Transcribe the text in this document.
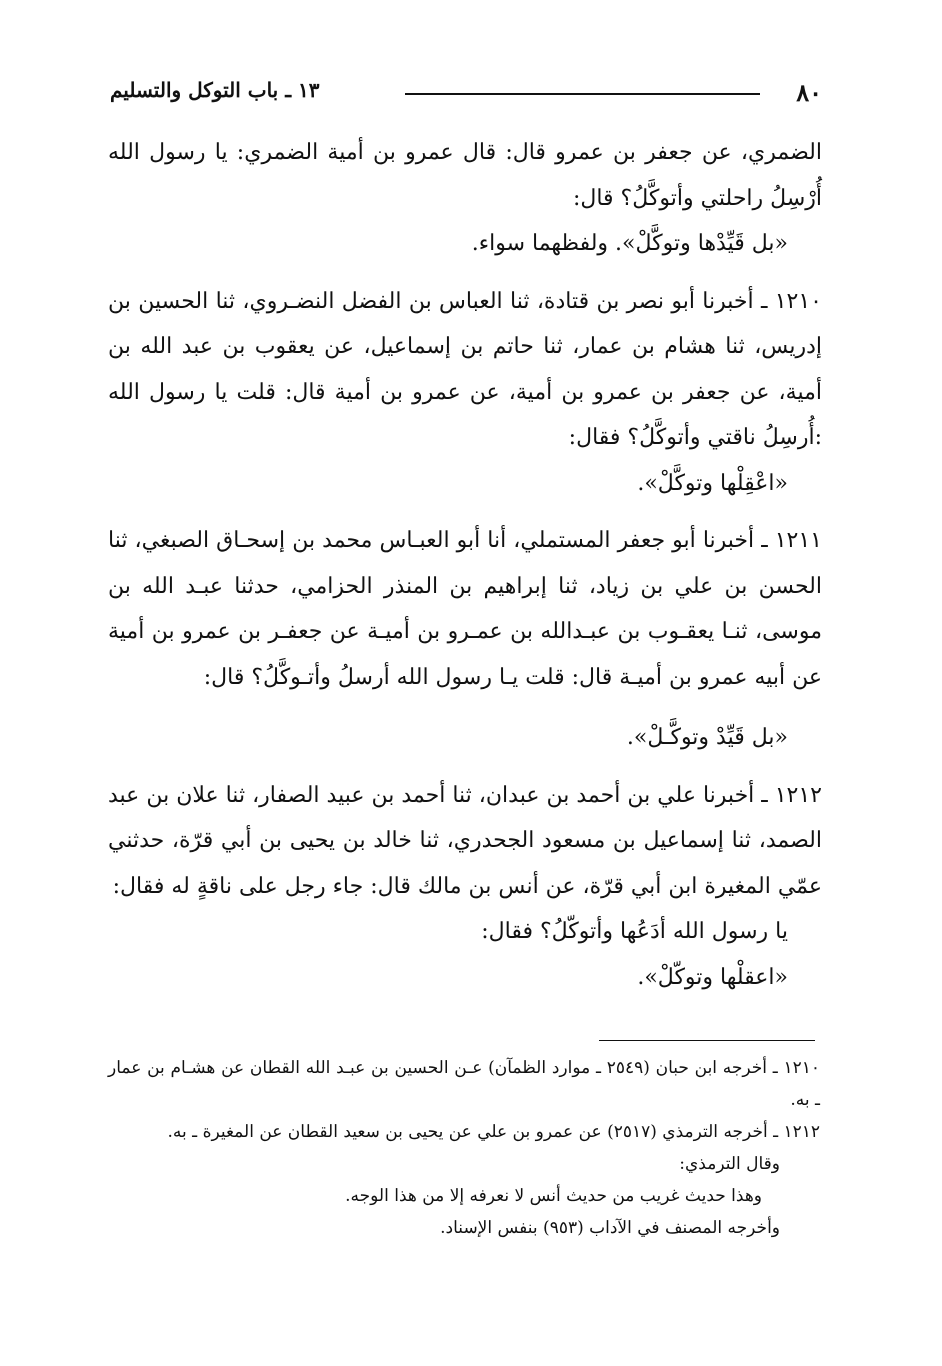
٨٠
١٣ ـ باب التوكل والتسليم

الضمري، عن جعفر بن عمرو قال: قال عمرو بن أمية الضمري: يا رسول الله أُرْسِلُ راحلتي وأتوكَّلُ؟ قال:

«بل قَيِّدْها وتوكَّلْ». ولفظهما سواء.

١٢١٠ ـ أخبرنا أبو نصر بن قتادة، ثنا العباس بن الفضل النضـروي، ثنا الحسين بن إدريس، ثنا هشام بن عمار، ثنا حاتم بن إسماعيل، عن يعقوب بن عبد الله بن أمية، عن جعفر بن عمرو بن أمية، عن عمرو بن أمية قال: قلت يا رسول الله :أُرسِلُ ناقتي وأتوكَّلُ؟ فقال:

«اعْقِلْها وتوكَّلْ».

١٢١١ ـ أخبرنا أبو جعفر المستملي، أنا أبو العبـاس محمد بن إسحـاق الصبغي، ثنا الحسن بن علي بن زياد، ثنا إبراهيم بن المنذر الحزامي، حدثنا عبـد الله بن موسى، ثنـا يعقـوب بن عبـدالله بن عمـرو بن أميـة عن جعفـر بن عمرو بن أمية عن أبيه عمرو بن أميـة قال: قلت يـا رسول الله أرسلُ وأتـوكَّلُ؟ قال:

«بل قَيِّدْ وتوكَّـلْ».

١٢١٢ ـ أخبرنا علي بن أحمد بن عبدان، ثنا أحمد بن عبيد الصفار، ثنا علان بن عبد الصمد، ثنا إسماعيل بن مسعود الجحدري، ثنا خالد بن يحيى بن أبي قرّة، حدثني عمّي المغيرة ابن أبي قرّة، عن أنس بن مالك قال: جاء رجل على ناقةٍ له فقال:

يا رسول الله أدَعُها وأتوكّلُ؟ فقال:

«اعقلْها وتوكّلْ».

١٢١٠ ـ أخرجه ابن حبان (٢٥٤٩ ـ موارد الظمآن) عـن الحسين بن عبـد الله القطان عن هشـام بن عمار ـ به.

١٢١٢ ـ أخرجه الترمذي (٢٥١٧) عن عمرو بن علي عن يحيى بن سعيد القطان عن المغيرة ـ به.

وقال الترمذي:

وهذا حديث غريب من حديث أنس لا نعرفه إلا من هذا الوجه.

وأخرجه المصنف في الآداب (٩٥٣) بنفس الإسناد.
